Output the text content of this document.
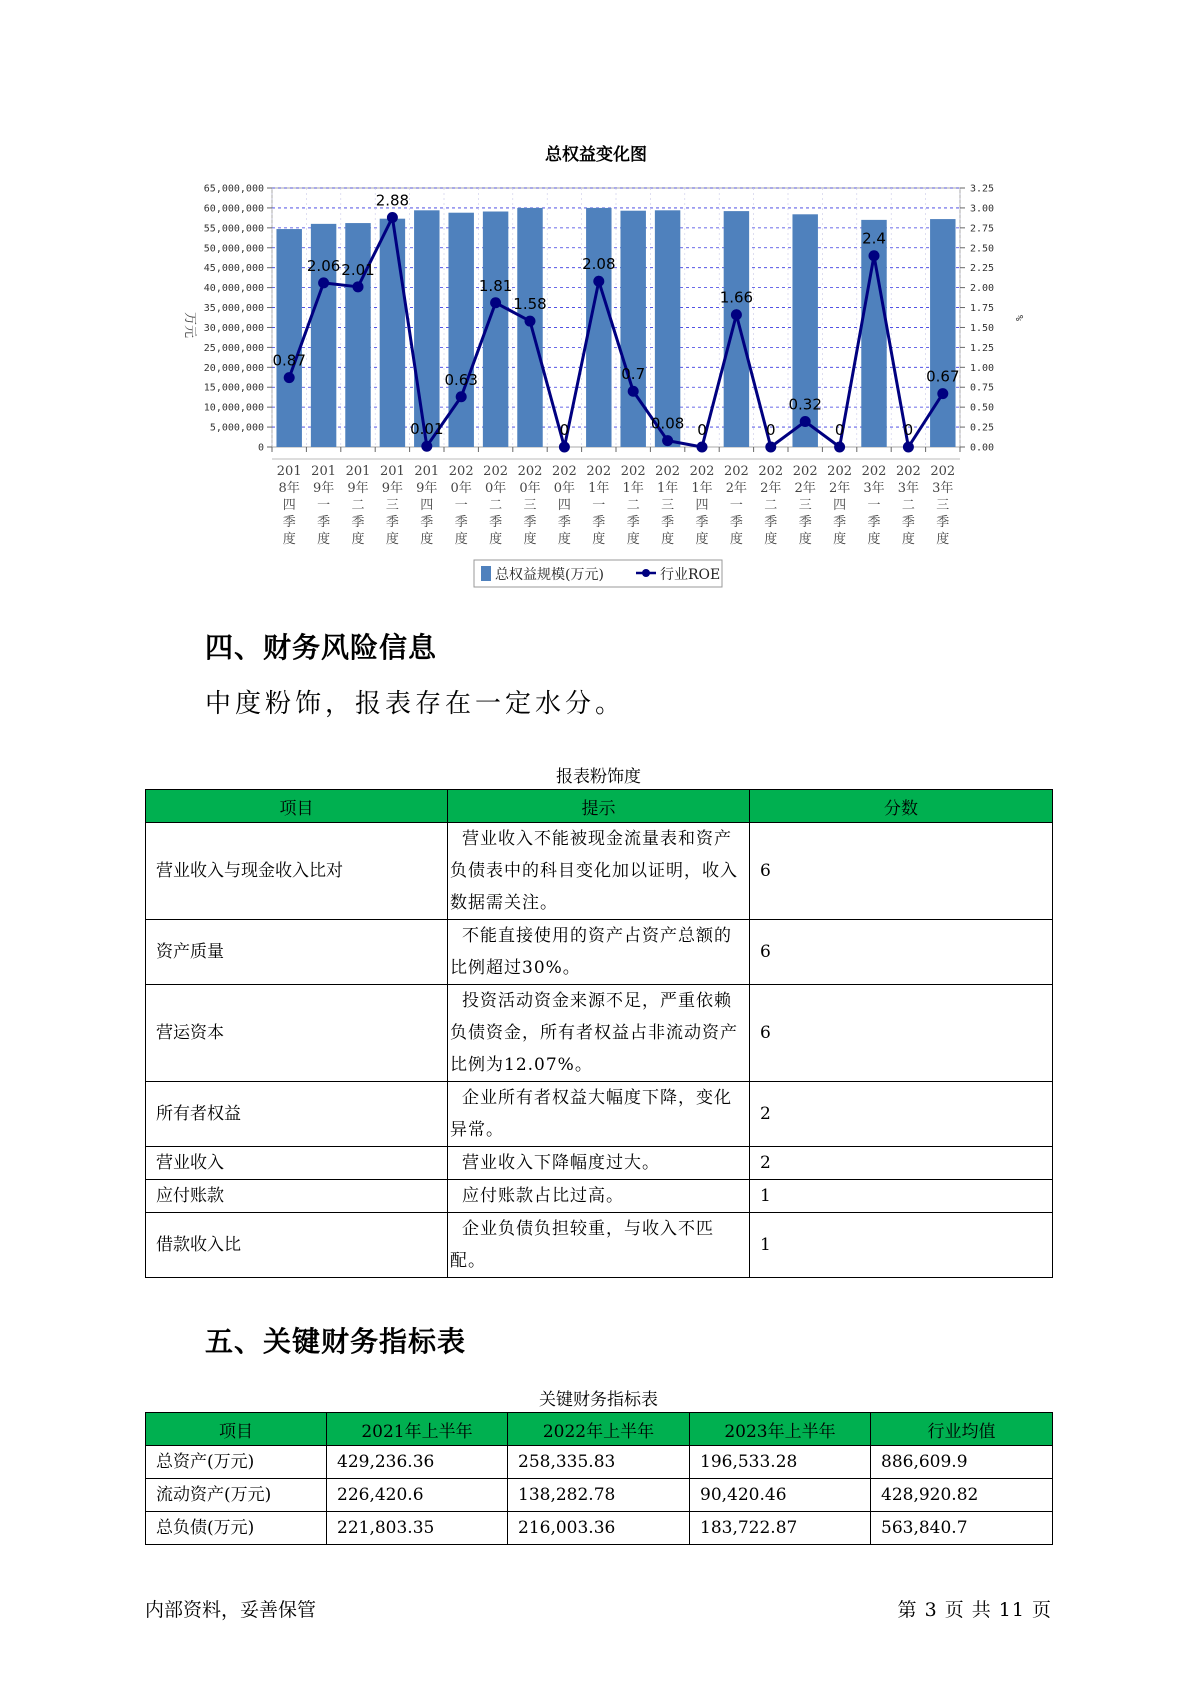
总权益变化图
0
5,000,000
10,000,000
15,000,000
20,000,000
25,000,000
30,000,000
35,000,000
40,000,000
45,000,000
50,000,000
55,000,000
60,000,000
65,000,000
0.00
0.25
0.50
0.75
1.00
1.25
1.50
1.75
2.00
2.25
2.50
2.75
3.00
3.25
0.87
2.06 2.01
2.88
0.01
0.63
1.81
1.58
0
2.08
0.7
0.08 0
1.66
0
0.32
0
2.4
0
0.67
201
8年
四
季
度
201
9年
一
季
度
201
9年
二
季
度
201
9年
三
季
度
201
9年
四
季
度
202
0年
一
季
度
202
0年
二
季
度
202
0年
三
季
度
202
0年
四
季
度
202
1年
一
季
度
202
1年
二
季
度
202
1年
三
季
度
202
1年
四
季
度
202
2年
一
季
度
202
2年
二
季
度
202
2年
三
季
度
202
2年
四
季
度
202
3年
一
季
度
202
3年
二
季
度
202
3年
三
季
度
万元	%
总权益规模(万元)	行业ROE
四、财务风险信息
中度粉饰，报表存在一定水分。
报表粉饰度
项目	提示	分数
营业收入与现金收入比对	营业收入不能被现金流量表和资产负债表中的科目变化加以证明，收入数据需关注。	6
资产质量	不能直接使用的资产占资产总额的比例超过30%。	6
营运资本	投资活动资金来源不足，严重依赖负债资金，所有者权益占非流动资产比例为12.07%。	6
所有者权益	企业所有者权益大幅度下降，变化异常。	2
营业收入	营业收入下降幅度过大。	2
应付账款	应付账款占比过高。	1
借款收入比	企业负债负担较重，与收入不匹配。	1
五、关键财务指标表
关键财务指标表
项目	2021年上半年	2022年上半年	2023年上半年	行业均值
总资产(万元)	429,236.36	258,335.83	196,533.28	886,609.9
流动资产(万元)	226,420.6	138,282.78	90,420.46	428,920.82
总负债(万元)	221,803.35	216,003.36	183,722.87	563,840.7
内部资料，妥善保管	第 3 页 共 11 页
